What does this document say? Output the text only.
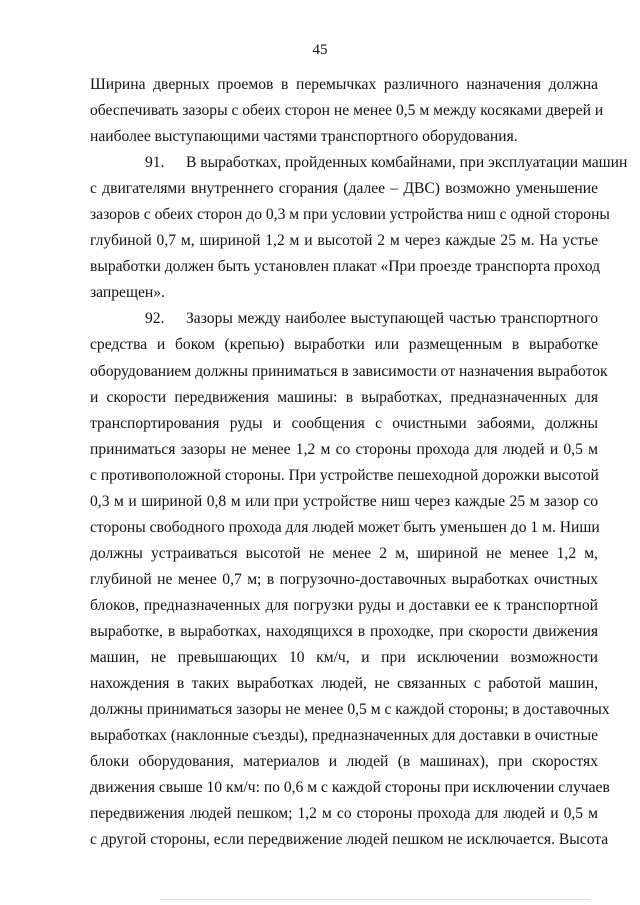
45
Ширина дверных проемов в перемычках различного назначения должна
обеспечивать зазоры с обеих сторон не менее 0,5 м между косяками дверей и
наиболее выступающими частями транспортного оборудования.
91. В выработках, пройденных комбайнами, при эксплуатации машин
с двигателями внутреннего сгорания (далее – ДВС) возможно уменьшение
зазоров с обеих сторон до 0,3 м при условии устройства ниш с одной стороны
глубиной 0,7 м, шириной 1,2 м и высотой 2 м через каждые 25 м. На устье
выработки должен быть установлен плакат «При проезде транспорта проход
запрещен».
92. Зазоры между наиболее выступающей частью транспортного
средства и боком (крепью) выработки или размещенным в выработке
оборудованием должны приниматься в зависимости от назначения выработок
и скорости передвижения машины: в выработках, предназначенных для
транспортирования руды и сообщения с очистными забоями, должны
приниматься зазоры не менее 1,2 м со стороны прохода для людей и 0,5 м
с противоположной стороны. При устройстве пешеходной дорожки высотой
0,3 м и шириной 0,8 м или при устройстве ниш через каждые 25 м зазор со
стороны свободного прохода для людей может быть уменьшен до 1 м. Ниши
должны устраиваться высотой не менее 2 м, шириной не менее 1,2 м,
глубиной не менее 0,7 м; в погрузочно-доставочных выработках очистных
блоков, предназначенных для погрузки руды и доставки ее к транспортной
выработке, в выработках, находящихся в проходке, при скорости движения
машин, не превышающих 10 км/ч, и при исключении возможности
нахождения в таких выработках людей, не связанных с работой машин,
должны приниматься зазоры не менее 0,5 м с каждой стороны; в доставочных
выработках (наклонные съезды), предназначенных для доставки в очистные
блоки оборудования, материалов и людей (в машинах), при скоростях
движения свыше 10 км/ч: по 0,6 м с каждой стороны при исключении случаев
передвижения людей пешком; 1,2 м со стороны прохода для людей и 0,5 м
с другой стороны, если передвижение людей пешком не исключается. Высота
